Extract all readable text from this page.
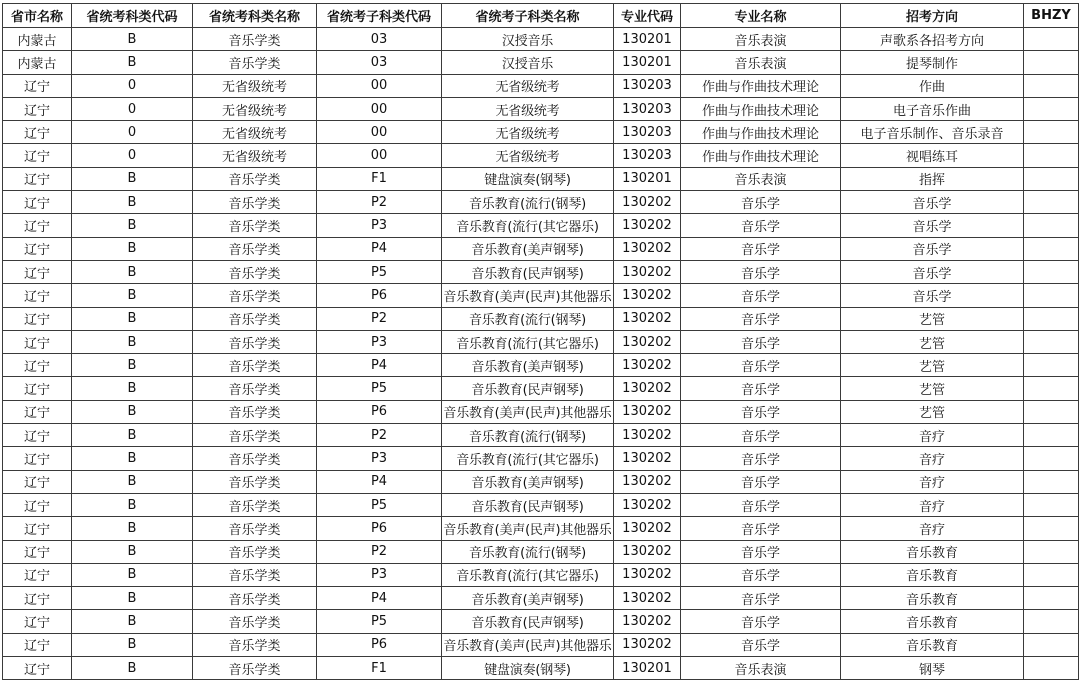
省市名称	省统考科类代码	省统考科类名称	省统考子科类代码	省统考子科类名称	专业代码	专业名称	招考方向	BHZY
内蒙古	B	音乐学类	03	汉授音乐	130201	音乐表演	声歌系各招考方向	
内蒙古	B	音乐学类	03	汉授音乐	130201	音乐表演	提琴制作	
辽宁	0	无省级统考	00	无省级统考	130203	作曲与作曲技术理论	作曲	
辽宁	0	无省级统考	00	无省级统考	130203	作曲与作曲技术理论	电子音乐作曲	
辽宁	0	无省级统考	00	无省级统考	130203	作曲与作曲技术理论	电子音乐制作、音乐录音	
辽宁	0	无省级统考	00	无省级统考	130203	作曲与作曲技术理论	视唱练耳	
辽宁	B	音乐学类	F1	键盘演奏(钢琴)	130201	音乐表演	指挥	
辽宁	B	音乐学类	P2	音乐教育(流行(钢琴)	130202	音乐学	音乐学	
辽宁	B	音乐学类	P3	音乐教育(流行(其它器乐)	130202	音乐学	音乐学	
辽宁	B	音乐学类	P4	音乐教育(美声钢琴)	130202	音乐学	音乐学	
辽宁	B	音乐学类	P5	音乐教育(民声钢琴)	130202	音乐学	音乐学	
辽宁	B	音乐学类	P6	音乐教育(美声(民声)其他器乐	130202	音乐学	音乐学	
辽宁	B	音乐学类	P2	音乐教育(流行(钢琴)	130202	音乐学	艺管	
辽宁	B	音乐学类	P3	音乐教育(流行(其它器乐)	130202	音乐学	艺管	
辽宁	B	音乐学类	P4	音乐教育(美声钢琴)	130202	音乐学	艺管	
辽宁	B	音乐学类	P5	音乐教育(民声钢琴)	130202	音乐学	艺管	
辽宁	B	音乐学类	P6	音乐教育(美声(民声)其他器乐	130202	音乐学	艺管	
辽宁	B	音乐学类	P2	音乐教育(流行(钢琴)	130202	音乐学	音疗	
辽宁	B	音乐学类	P3	音乐教育(流行(其它器乐)	130202	音乐学	音疗	
辽宁	B	音乐学类	P4	音乐教育(美声钢琴)	130202	音乐学	音疗	
辽宁	B	音乐学类	P5	音乐教育(民声钢琴)	130202	音乐学	音疗	
辽宁	B	音乐学类	P6	音乐教育(美声(民声)其他器乐	130202	音乐学	音疗	
辽宁	B	音乐学类	P2	音乐教育(流行(钢琴)	130202	音乐学	音乐教育	
辽宁	B	音乐学类	P3	音乐教育(流行(其它器乐)	130202	音乐学	音乐教育	
辽宁	B	音乐学类	P4	音乐教育(美声钢琴)	130202	音乐学	音乐教育	
辽宁	B	音乐学类	P5	音乐教育(民声钢琴)	130202	音乐学	音乐教育	
辽宁	B	音乐学类	P6	音乐教育(美声(民声)其他器乐	130202	音乐学	音乐教育	
辽宁	B	音乐学类	F1	键盘演奏(钢琴)	130201	音乐表演	钢琴	
